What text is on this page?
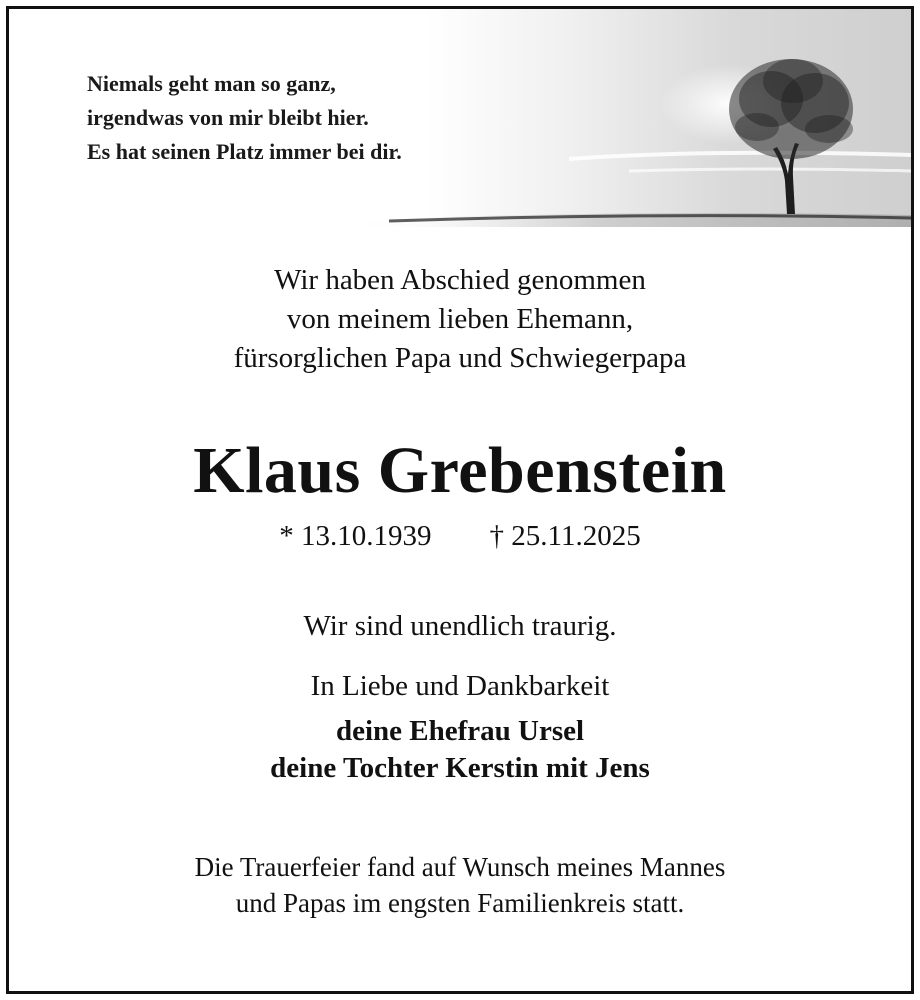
Niemals geht man so ganz,
irgendwas von mir bleibt hier.
Es hat seinen Platz immer bei dir.
Wir haben Abschied genommen
von meinem lieben Ehemann,
fürsorglichen Papa und Schwiegerpapa
Klaus Grebenstein
* 13.10.1939 † 25.11.2025
Wir sind unendlich traurig.
In Liebe und Dankbarkeit
deine Ehefrau Ursel
deine Tochter Kerstin mit Jens
Die Trauerfeier fand auf Wunsch meines Mannes
und Papas im engsten Familienkreis statt.
